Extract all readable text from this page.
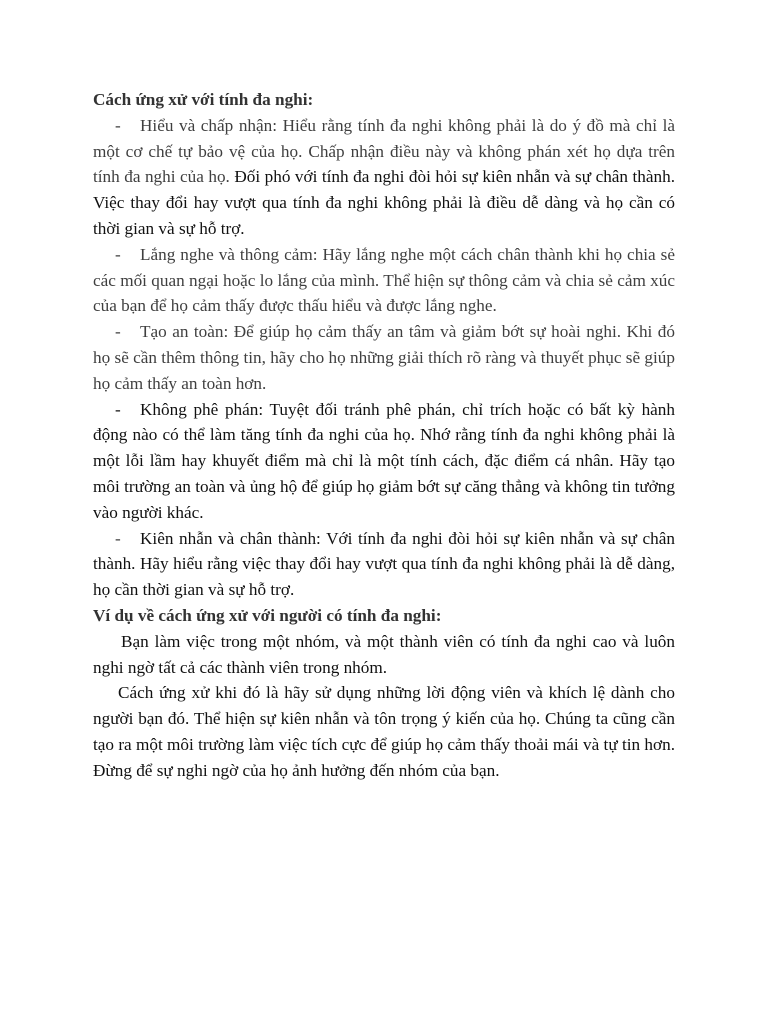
Cách ứng xử với tính đa nghi:

- Hiểu và chấp nhận: Hiểu rằng tính đa nghi không phải là do ý đồ mà chỉ là một cơ chế tự bảo vệ của họ. Chấp nhận điều này và không phán xét họ dựa trên tính đa nghi của họ. Đối phó với tính đa nghi đòi hỏi sự kiên nhẫn và sự chân thành. Việc thay đổi hay vượt qua tính đa nghi không phải là điều dễ dàng và họ cần có thời gian và sự hỗ trợ.

- Lắng nghe và thông cảm: Hãy lắng nghe một cách chân thành khi họ chia sẻ các mối quan ngại hoặc lo lắng của mình. Thể hiện sự thông cảm và chia sẻ cảm xúc của bạn để họ cảm thấy được thấu hiểu và được lắng nghe.

- Tạo an toàn: Để giúp họ cảm thấy an tâm và giảm bớt sự hoài nghi. Khi đó họ sẽ cần thêm thông tin, hãy cho họ những giải thích rõ ràng và thuyết phục sẽ giúp họ cảm thấy an toàn hơn.

- Không phê phán: Tuyệt đối tránh phê phán, chỉ trích hoặc có bất kỳ hành động nào có thể làm tăng tính đa nghi của họ. Nhớ rằng tính đa nghi không phải là một lỗi lầm hay khuyết điểm mà chỉ là một tính cách, đặc điểm cá nhân. Hãy tạo môi trường an toàn và ủng hộ để giúp họ giảm bớt sự căng thẳng và không tin tưởng vào người khác.

- Kiên nhẫn và chân thành: Với tính đa nghi đòi hỏi sự kiên nhẫn và sự chân thành. Hãy hiểu rằng việc thay đổi hay vượt qua tính đa nghi không phải là dễ dàng, họ cần thời gian và sự hỗ trợ.

Ví dụ về cách ứng xử với người có tính đa nghi:

Bạn làm việc trong một nhóm, và một thành viên có tính đa nghi cao và luôn nghi ngờ tất cả các thành viên trong nhóm.

Cách ứng xử khi đó là hãy sử dụng những lời động viên và khích lệ dành cho người bạn đó. Thể hiện sự kiên nhẫn và tôn trọng ý kiến của họ. Chúng ta cũng cần tạo ra một môi trường làm việc tích cực để giúp họ cảm thấy thoải mái và tự tin hơn. Đừng để sự nghi ngờ của họ ảnh hưởng đến nhóm của bạn.
